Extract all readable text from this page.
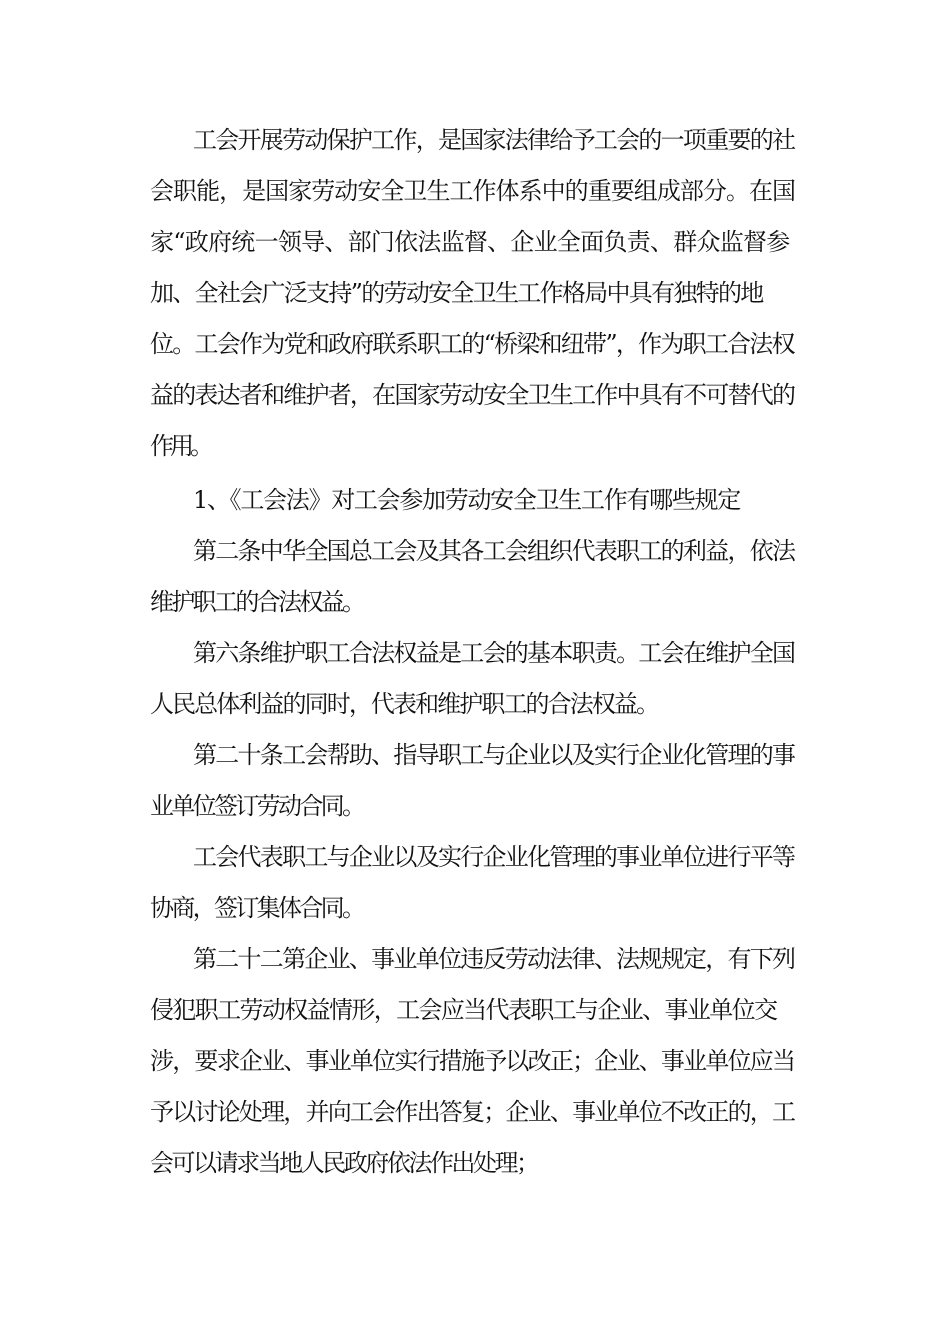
工会开展劳动保护工作，是国家法律给予工会的一项重要的社
会职能，是国家劳动安全卫生工作体系中的重要组成部分。在国
家“政府统一领导、部门依法监督、企业全面负责、群众监督参
加、全社会广泛支持”的劳动安全卫生工作格局中具有独特的地
位。工会作为党和政府联系职工的“桥梁和纽带”，作为职工合法权
益的表达者和维护者，在国家劳动安全卫生工作中具有不可替代的
作用。
1、《工会法》对工会参加劳动安全卫生工作有哪些规定
第二条中华全国总工会及其各工会组织代表职工的利益，依法
维护职工的合法权益。
第六条维护职工合法权益是工会的基本职责。工会在维护全国
人民总体利益的同时，代表和维护职工的合法权益。
第二十条工会帮助、指导职工与企业以及实行企业化管理的事
业单位签订劳动合同。
工会代表职工与企业以及实行企业化管理的事业单位进行平等
协商，签订集体合同。
第二十二第企业、事业单位违反劳动法律、法规规定，有下列
侵犯职工劳动权益情形，工会应当代表职工与企业、事业单位交
涉，要求企业、事业单位实行措施予以改正；企业、事业单位应当
予以讨论处理，并向工会作出答复；企业、事业单位不改正的，工
会可以请求当地人民政府依法作出处理；
